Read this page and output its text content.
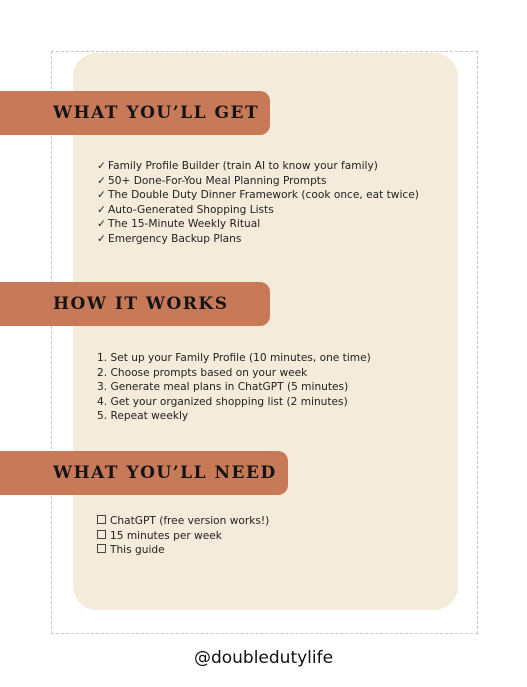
WHAT YOU’LL GET
✓ Family Profile Builder (train AI to know your family)
✓ 50+ Done-For-You Meal Planning Prompts
✓ The Double Duty Dinner Framework (cook once, eat twice)
✓ Auto-Generated Shopping Lists
✓ The 15-Minute Weekly Ritual
✓ Emergency Backup Plans
HOW IT WORKS
1. Set up your Family Profile (10 minutes, one time)
2. Choose prompts based on your week
3. Generate meal plans in ChatGPT (5 minutes)
4. Get your organized shopping list (2 minutes)
5. Repeat weekly
WHAT YOU’LL NEED
ChatGPT (free version works!)
15 minutes per week
This guide
@doubledutylife
